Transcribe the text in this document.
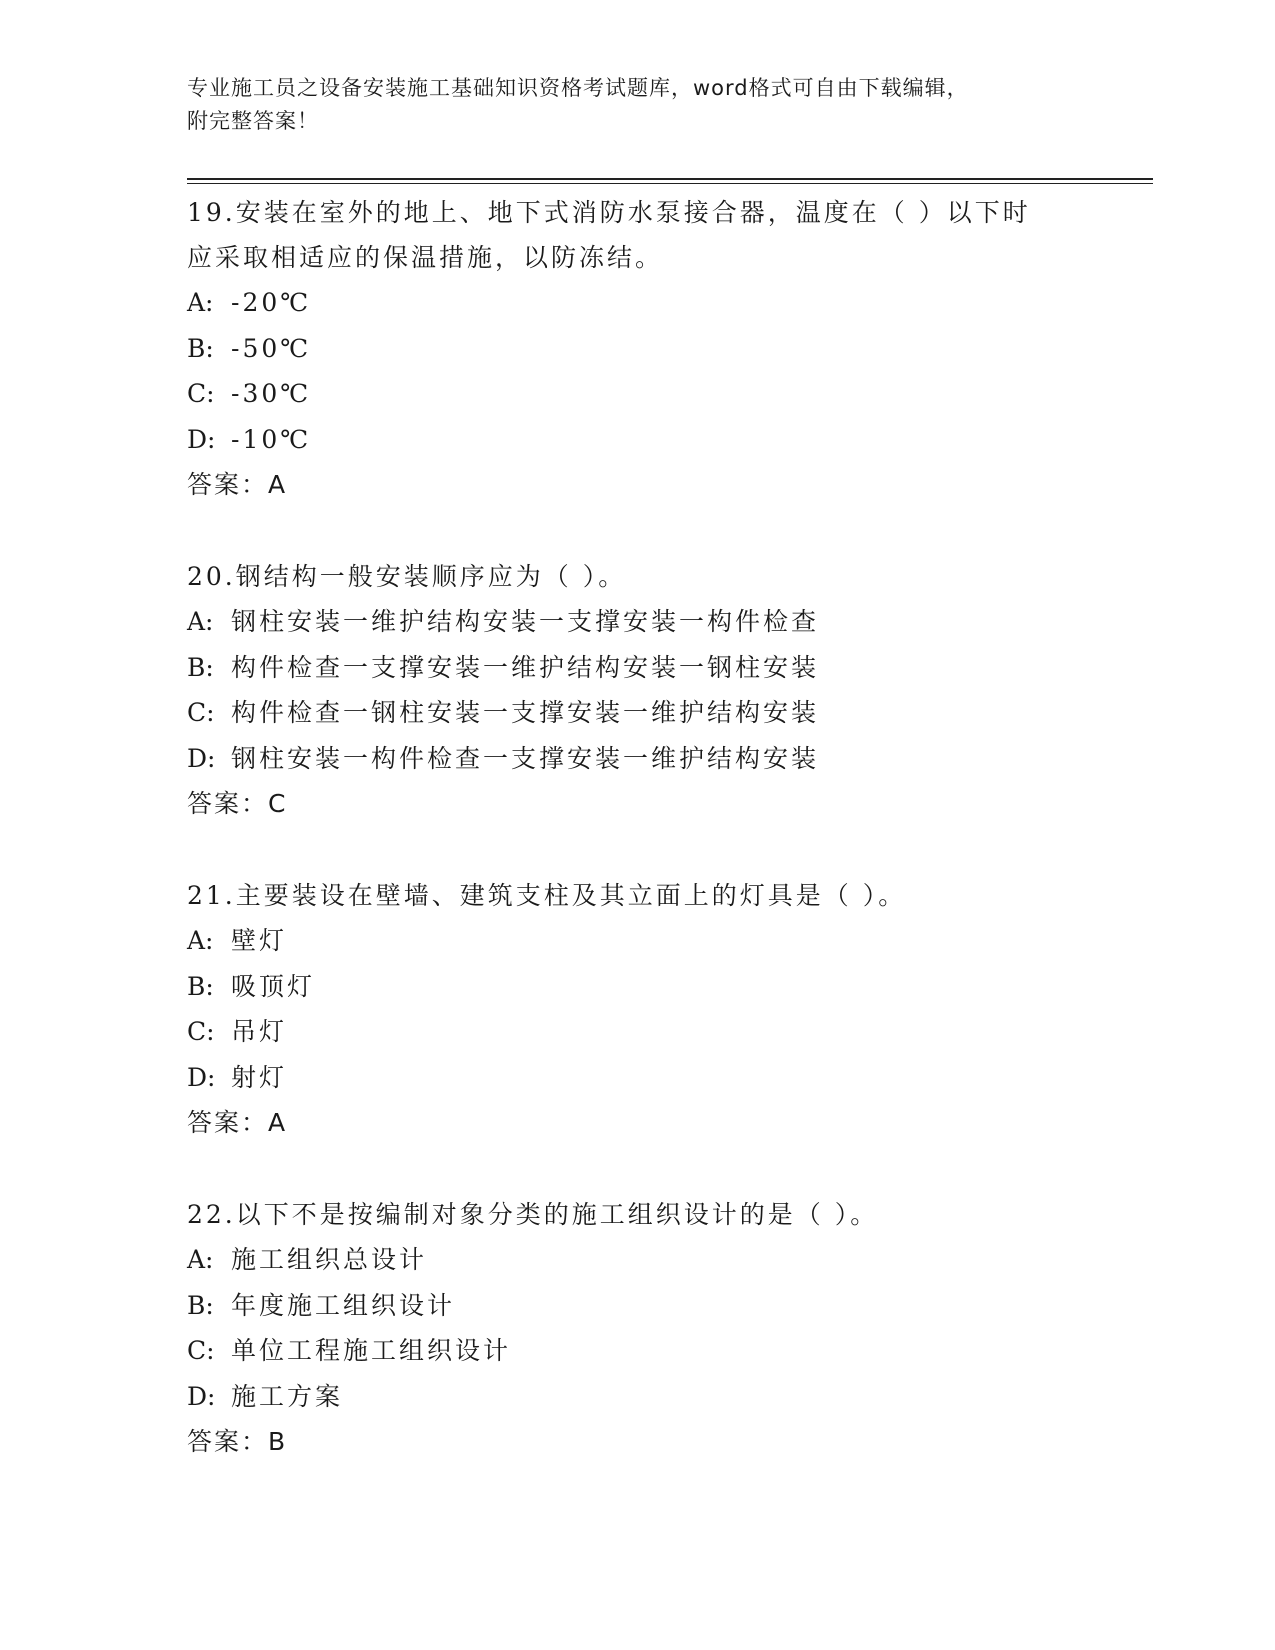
专业施工员之设备安装施工基础知识资格考试题库，word格式可自由下载编辑，
附完整答案！
19.安装在室外的地上、地下式消防水泵接合器，温度在（ ）以下时
应采取相适应的保温措施，以防冻结。
A: -20℃
B: -50℃
C: -30℃
D: -10℃
答案：A
20.钢结构一般安装顺序应为（ ）。
A: 钢柱安装一维护结构安装一支撑安装一构件检查
B: 构件检查一支撑安装一维护结构安装一钢柱安装
C: 构件检查一钢柱安装一支撑安装一维护结构安装
D: 钢柱安装一构件检查一支撑安装一维护结构安装
答案：C
21.主要装设在壁墙、建筑支柱及其立面上的灯具是（ ）。
A: 壁灯
B: 吸顶灯
C: 吊灯
D: 射灯
答案：A
22.以下不是按编制对象分类的施工组织设计的是（ ）。
A: 施工组织总设计
B: 年度施工组织设计
C: 单位工程施工组织设计
D: 施工方案
答案：B
